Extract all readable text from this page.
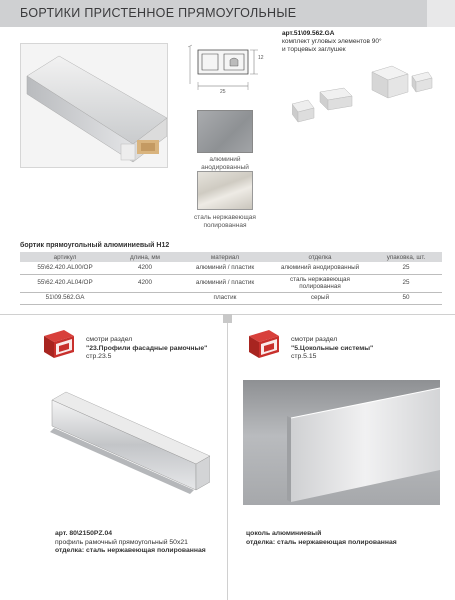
БОРТИКИ ПРИСТЕННОЕ ПРЯМОУГОЛЬНЫЕ
12
25
алюминий
анодированный
сталь нержавеющая
полированная
арт.51\09.562.GA
комплект угловых элементов 90°
и торцевых заглушек
бортик прямоугольный алюминиевый H12
артикул	длина, мм	материал	отделка	упаковка, шт.
55\62.420.AL00/OP	4200	алюминий / пластик	алюминий анодированный	25
55\62.420.AL04/OP	4200	алюминий / пластик	сталь нержавеющая
полированная	25
51\09.562.GA		пластик	серый	50
смотри раздел
"23.Профили фасадные рамочные"
стр.23.5
смотри раздел
"5.Цокольные системы"
стр.5.15
арт. 80\2150PZ.04
профиль рамочный прямоугольный 50х21
отделка: сталь нержавеющая полированная
цоколь алюминиевый
отделка: сталь нержавеющая полированная
